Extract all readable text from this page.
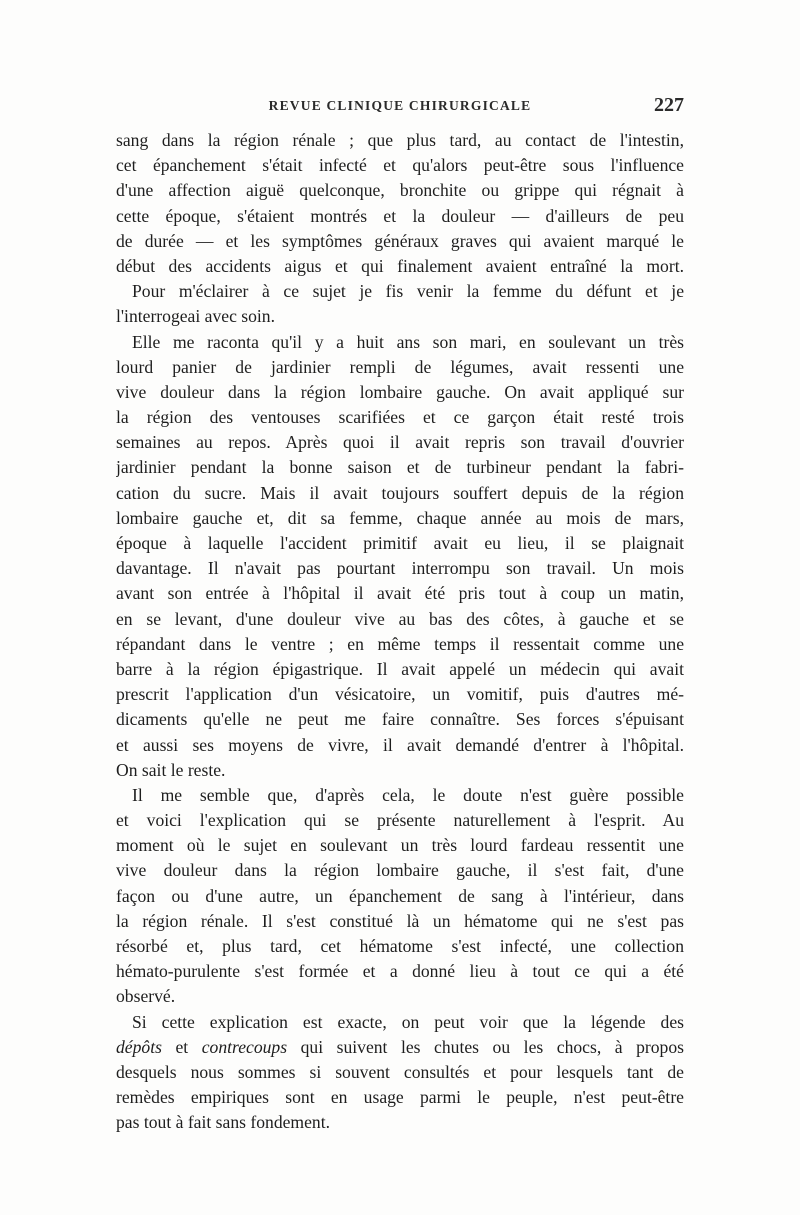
REVUE CLINIQUE CHIRURGICALE	227
sang dans la région rénale ; que plus tard, au contact de l'intestin,
cet épanchement s'était infecté et qu'alors peut-être sous l'influence
d'une affection aiguë quelconque, bronchite ou grippe qui régnait à
cette époque, s'étaient montrés et la douleur — d'ailleurs de peu
de durée — et les symptômes généraux graves qui avaient marqué le
début des accidents aigus et qui finalement avaient entraîné la mort.
Pour m'éclairer à ce sujet je fis venir la femme du défunt et je
l'interrogeai avec soin.
Elle me raconta qu'il y a huit ans son mari, en soulevant un très
lourd panier de jardinier rempli de légumes, avait ressenti une
vive douleur dans la région lombaire gauche. On avait appliqué sur
la région des ventouses scarifiées et ce garçon était resté trois
semaines au repos. Après quoi il avait repris son travail d'ouvrier
jardinier pendant la bonne saison et de turbineur pendant la fabri-
cation du sucre. Mais il avait toujours souffert depuis de la région
lombaire gauche et, dit sa femme, chaque année au mois de mars,
époque à laquelle l'accident primitif avait eu lieu, il se plaignait
davantage. Il n'avait pas pourtant interrompu son travail. Un mois
avant son entrée à l'hôpital il avait été pris tout à coup un matin,
en se levant, d'une douleur vive au bas des côtes, à gauche et se
répandant dans le ventre ; en même temps il ressentait comme une
barre à la région épigastrique. Il avait appelé un médecin qui avait
prescrit l'application d'un vésicatoire, un vomitif, puis d'autres mé-
dicaments qu'elle ne peut me faire connaître. Ses forces s'épuisant
et aussi ses moyens de vivre, il avait demandé d'entrer à l'hôpital.
On sait le reste.
Il me semble que, d'après cela, le doute n'est guère possible
et voici l'explication qui se présente naturellement à l'esprit. Au
moment où le sujet en soulevant un très lourd fardeau ressentit une
vive douleur dans la région lombaire gauche, il s'est fait, d'une
façon ou d'une autre, un épanchement de sang à l'intérieur, dans
la région rénale. Il s'est constitué là un hématome qui ne s'est pas
résorbé et, plus tard, cet hématome s'est infecté, une collection
hémato-purulente s'est formée et a donné lieu à tout ce qui a été
observé.
Si cette explication est exacte, on peut voir que la légende des
dépôts et contrecoups qui suivent les chutes ou les chocs, à propos
desquels nous sommes si souvent consultés et pour lesquels tant de
remèdes empiriques sont en usage parmi le peuple, n'est peut-être
pas tout à fait sans fondement.
